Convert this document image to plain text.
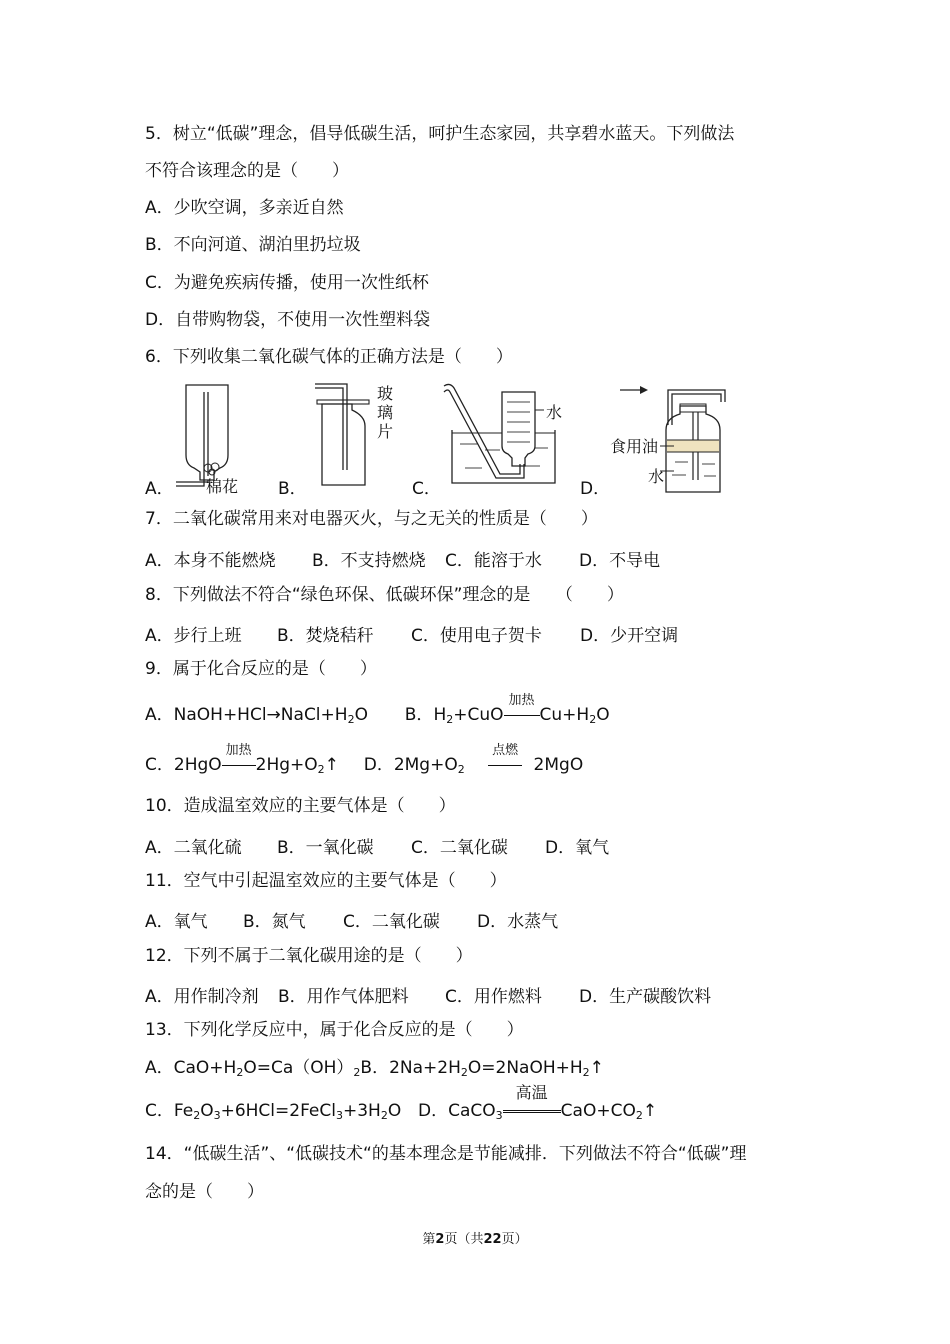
5．树立“低碳”理念，倡导低碳生活，呵护生态家园，共享碧水蓝天。下列做法
不符合该理念的是（　　）
A．少吹空调，多亲近自然
B．不向河道、湖泊里扔垃圾
C．为避免疾病传播，使用一次性纸杯
D．自带购物袋，不使用一次性塑料袋
6．下列收集二氧化碳气体的正确方法是（　　）
A．	B．	C．	D．
棉花
玻
璃
片
水
食用油
水
7．二氧化碳常用来对电器灭火，与之无关的性质是（　　）
A．本身不能燃烧 B．不支持燃烧 C．能溶于水 D．不导电
8．下列做法不符合“绿色环保、低碳环保”理念的是　　（　　）
A．步行上班 B．焚烧秸秆 C．使用电子贺卡 D．少开空调
9．属于化合反应的是（　　）
A．$NaOH+HCl\to NaCl+H_2O$ B．$H_2+CuO$
加热
$Cu+H_2O$
C．2HgO
加热
$2Hg+O_2↑$ D．$2Mg+O_2$
点燃
2MgO
10．造成温室效应的主要气体是（　　）
A．二氧化硫 B．一氧化碳 C．二氧化碳 D．氧气
11．空气中引起温室效应的主要气体是（　　）
A．氧气 B．氮气 C．二氧化碳 D．水蒸气
12．下列不属于二氧化碳用途的是（　　）
A．用作制冷剂 B．用作气体肥料 C．用作燃料 D．生产碳酸饮料
13．下列化学反应中，属于化合反应的是（　　）
A．$CaO+H_2O=Ca(OH)_2B$．$2Na+2H_2O=2NaOH+H_2↑$
C．$Fe_2O_3+6HCl=2FeCl_3+3H_2O$ D．CaCO$_3$
高温
$CaO+CO_2↑$
14．“低碳生活”、“低碳技术“的基本理念是节能减排．下列做法不符合“低碳”理
念的是（　　）
第2页（共22页）
